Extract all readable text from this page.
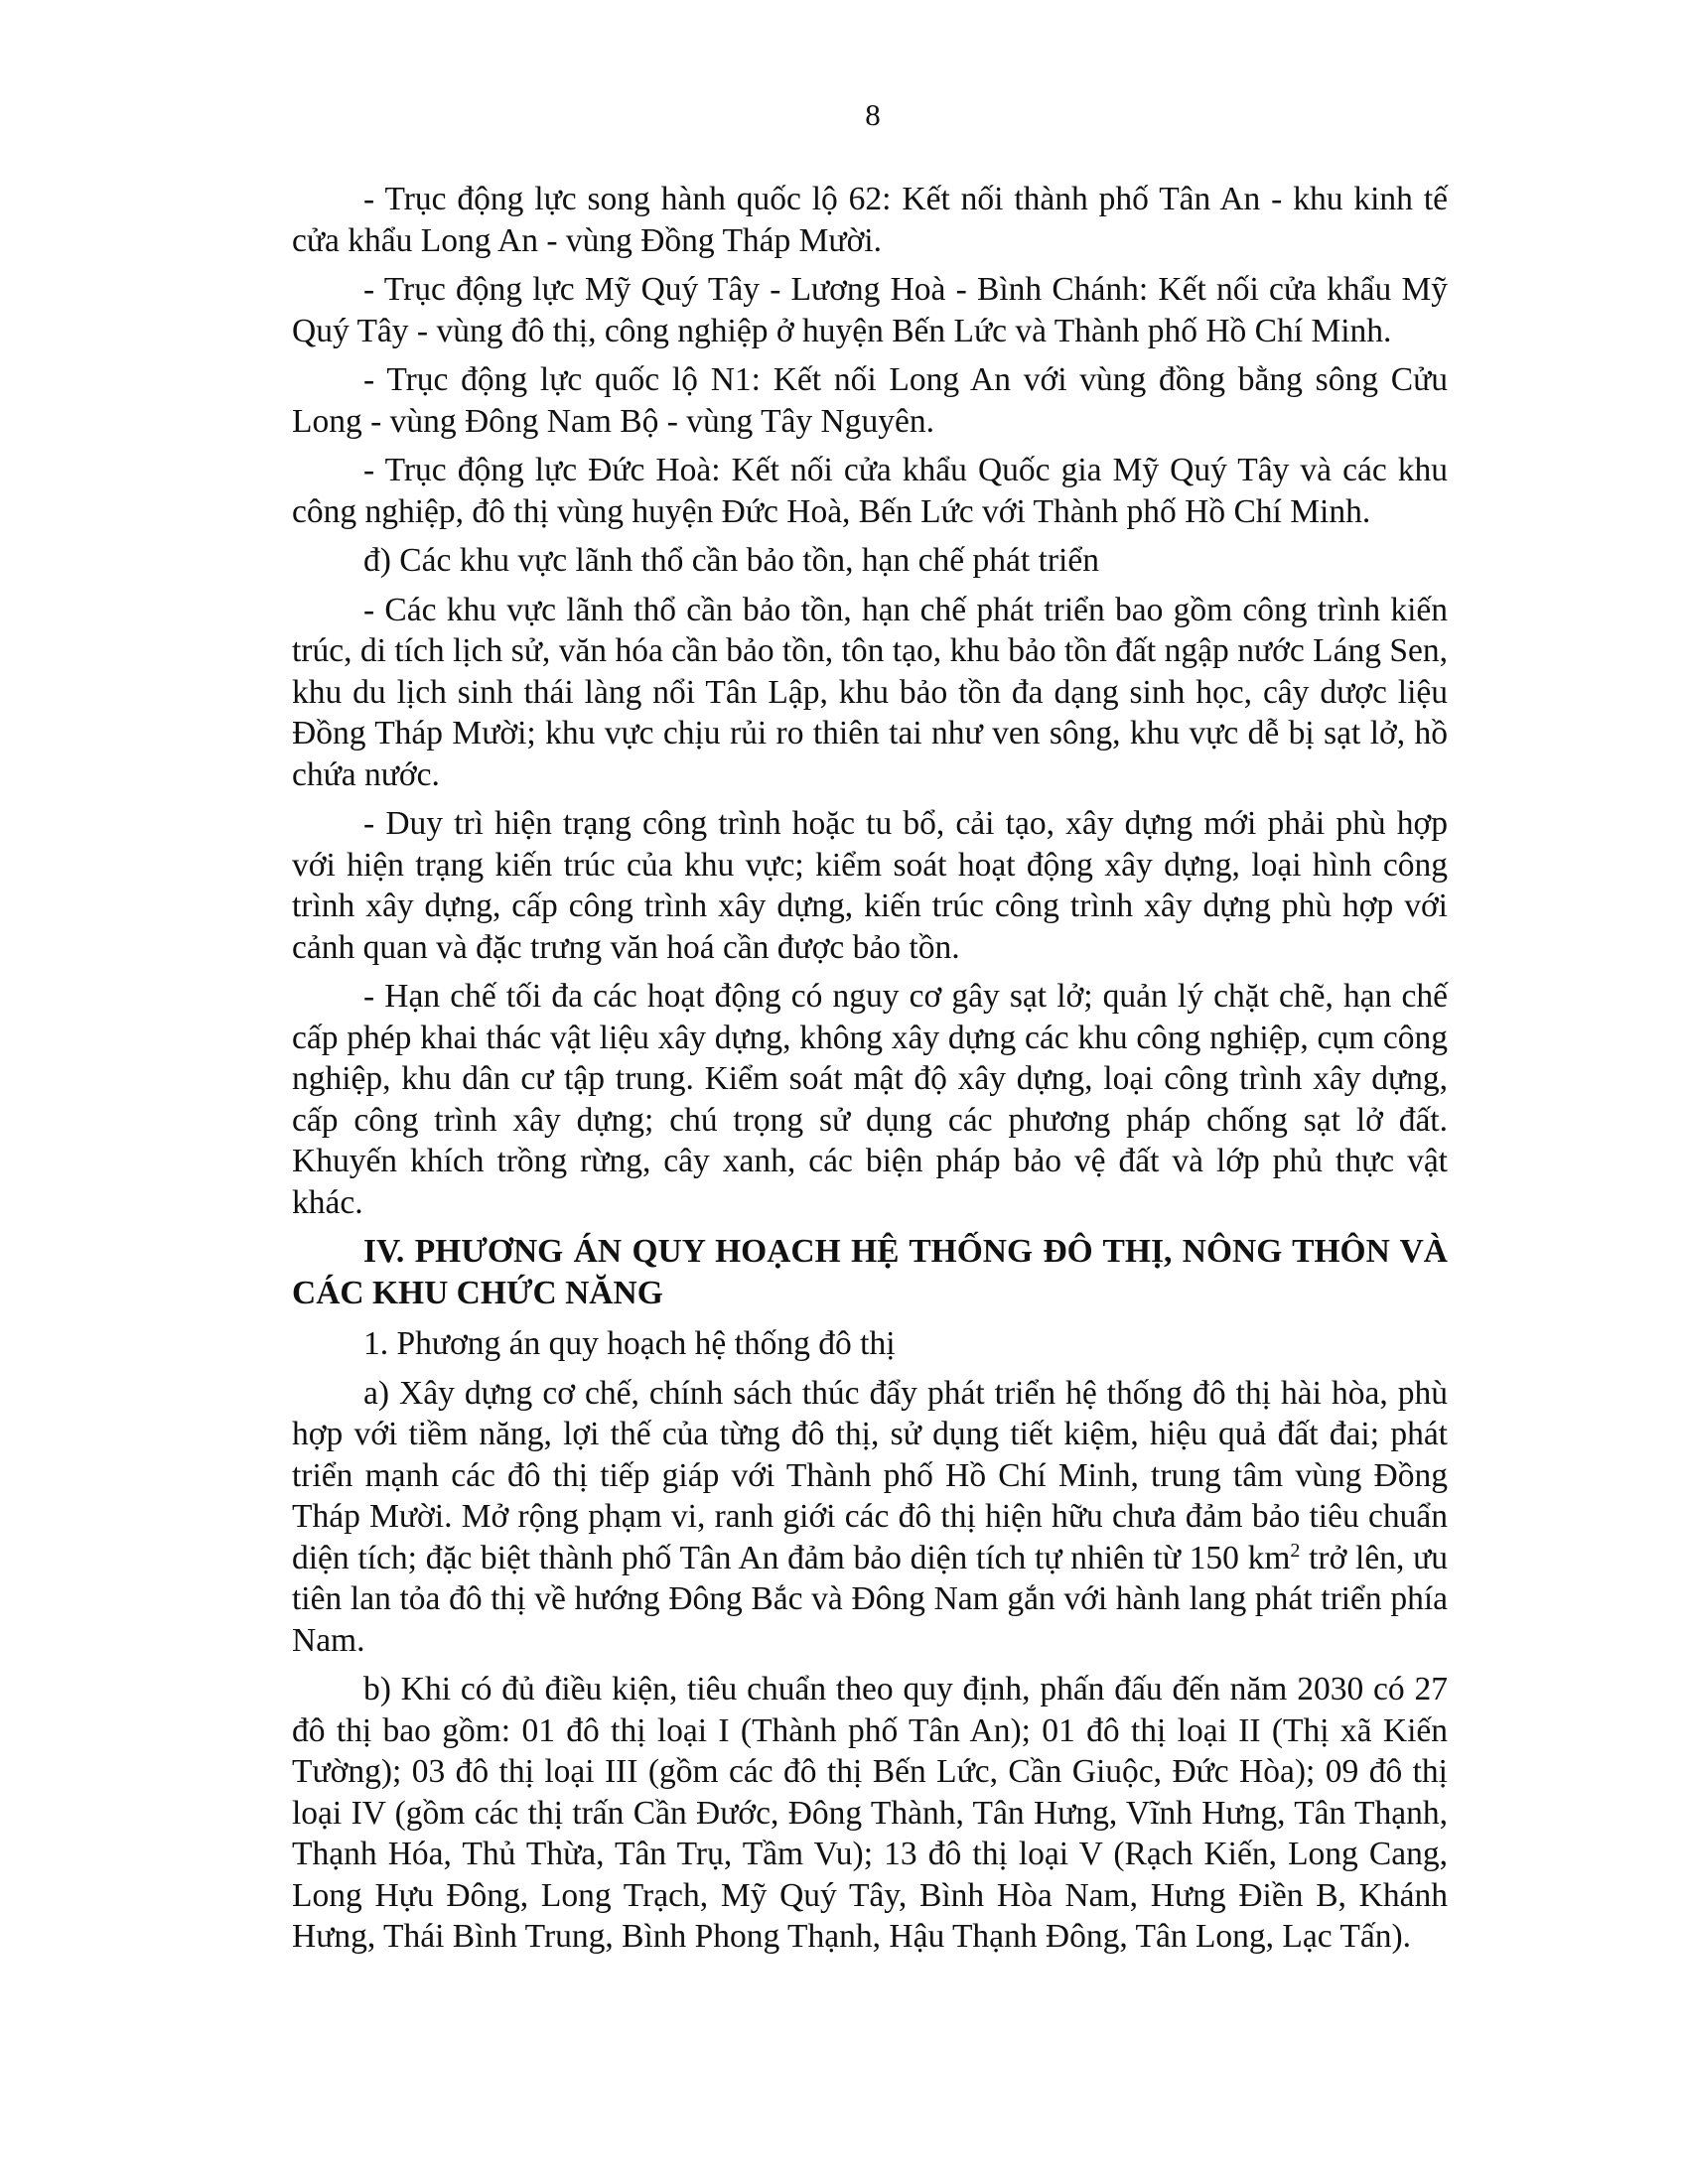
8

- Trục động lực song hành quốc lộ 62: Kết nối thành phố Tân An - khu kinh tế cửa khẩu Long An - vùng Đồng Tháp Mười.

- Trục động lực Mỹ Quý Tây - Lương Hoà - Bình Chánh: Kết nối cửa khẩu Mỹ Quý Tây - vùng đô thị, công nghiệp ở huyện Bến Lức và Thành phố Hồ Chí Minh.

- Trục động lực quốc lộ N1: Kết nối Long An với vùng đồng bằng sông Cửu Long - vùng Đông Nam Bộ - vùng Tây Nguyên.

- Trục động lực Đức Hoà: Kết nối cửa khẩu Quốc gia Mỹ Quý Tây và các khu công nghiệp, đô thị vùng huyện Đức Hoà, Bến Lức với Thành phố Hồ Chí Minh.

đ) Các khu vực lãnh thổ cần bảo tồn, hạn chế phát triển

- Các khu vực lãnh thổ cần bảo tồn, hạn chế phát triển bao gồm công trình kiến trúc, di tích lịch sử, văn hóa cần bảo tồn, tôn tạo, khu bảo tồn đất ngập nước Láng Sen, khu du lịch sinh thái làng nổi Tân Lập, khu bảo tồn đa dạng sinh học, cây dược liệu Đồng Tháp Mười; khu vực chịu rủi ro thiên tai như ven sông, khu vực dễ bị sạt lở, hồ chứa nước.

- Duy trì hiện trạng công trình hoặc tu bổ, cải tạo, xây dựng mới phải phù hợp với hiện trạng kiến trúc của khu vực; kiểm soát hoạt động xây dựng, loại hình công trình xây dựng, cấp công trình xây dựng, kiến trúc công trình xây dựng phù hợp với cảnh quan và đặc trưng văn hoá cần được bảo tồn.

- Hạn chế tối đa các hoạt động có nguy cơ gây sạt lở; quản lý chặt chẽ, hạn chế cấp phép khai thác vật liệu xây dựng, không xây dựng các khu công nghiệp, cụm công nghiệp, khu dân cư tập trung. Kiểm soát mật độ xây dựng, loại công trình xây dựng, cấp công trình xây dựng; chú trọng sử dụng các phương pháp chống sạt lở đất. Khuyến khích trồng rừng, cây xanh, các biện pháp bảo vệ đất và lớp phủ thực vật khác.

IV. PHƯƠNG ÁN QUY HOẠCH HỆ THỐNG ĐÔ THỊ, NÔNG THÔN VÀ CÁC KHU CHỨC NĂNG

1. Phương án quy hoạch hệ thống đô thị

a) Xây dựng cơ chế, chính sách thúc đẩy phát triển hệ thống đô thị hài hòa, phù hợp với tiềm năng, lợi thế của từng đô thị, sử dụng tiết kiệm, hiệu quả đất đai; phát triển mạnh các đô thị tiếp giáp với Thành phố Hồ Chí Minh, trung tâm vùng Đồng Tháp Mười. Mở rộng phạm vi, ranh giới các đô thị hiện hữu chưa đảm bảo tiêu chuẩn diện tích; đặc biệt thành phố Tân An đảm bảo diện tích tự nhiên từ 150 $km^2$ trở lên, ưu tiên lan tỏa đô thị về hướng Đông Bắc và Đông Nam gắn với hành lang phát triển phía Nam.

b) Khi có đủ điều kiện, tiêu chuẩn theo quy định, phấn đấu đến năm 2030 có 27 đô thị bao gồm: 01 đô thị loại I (Thành phố Tân An); 01 đô thị loại II (Thị xã Kiến Tường); 03 đô thị loại III (gồm các đô thị Bến Lức, Cần Giuộc, Đức Hòa); 09 đô thị loại IV (gồm các thị trấn Cần Đước, Đông Thành, Tân Hưng, Vĩnh Hưng, Tân Thạnh, Thạnh Hóa, Thủ Thừa, Tân Trụ, Tầm Vu); 13 đô thị loại V (Rạch Kiến, Long Cang, Long Hựu Đông, Long Trạch, Mỹ Quý Tây, Bình Hòa Nam, Hưng Điền B, Khánh Hưng, Thái Bình Trung, Bình Phong Thạnh, Hậu Thạnh Đông, Tân Long, Lạc Tấn).
